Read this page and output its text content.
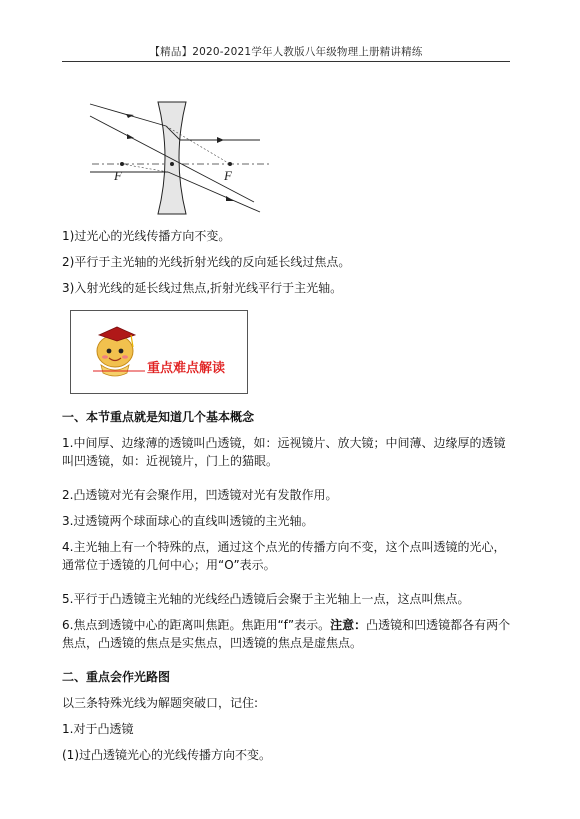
【精品】2020-2021学年人教版八年级物理上册精讲精练
F	F
1)过光心的光线传播方向不变。
2)平行于主光轴的光线折射光线的反向延长线过焦点。
3)入射光线的延长线过焦点,折射光线平行于主光轴。
重点难点解读
一、本节重点就是知道几个基本概念
1.中间厚、边缘薄的透镜叫凸透镜，如：远视镜片、放大镜；中间薄、边缘厚的透镜叫凹透镜，如：近视镜片，门上的猫眼。
2.凸透镜对光有会聚作用，凹透镜对光有发散作用。
3.过透镜两个球面球心的直线叫透镜的主光轴。
4.主光轴上有一个特殊的点，通过这个点光的传播方向不变，这个点叫透镜的光心，通常位于透镜的几何中心；用“O”表示。
5.平行于凸透镜主光轴的光线经凸透镜后会聚于主光轴上一点，这点叫焦点。
6.焦点到透镜中心的距离叫焦距。焦距用“f”表示。注意：凸透镜和凹透镜都各有两个焦点，凸透镜的焦点是实焦点，凹透镜的焦点是虚焦点。
二、重点会作光路图
以三条特殊光线为解题突破口，记住:
1.对于凸透镜
(1)过凸透镜光心的光线传播方向不变。
